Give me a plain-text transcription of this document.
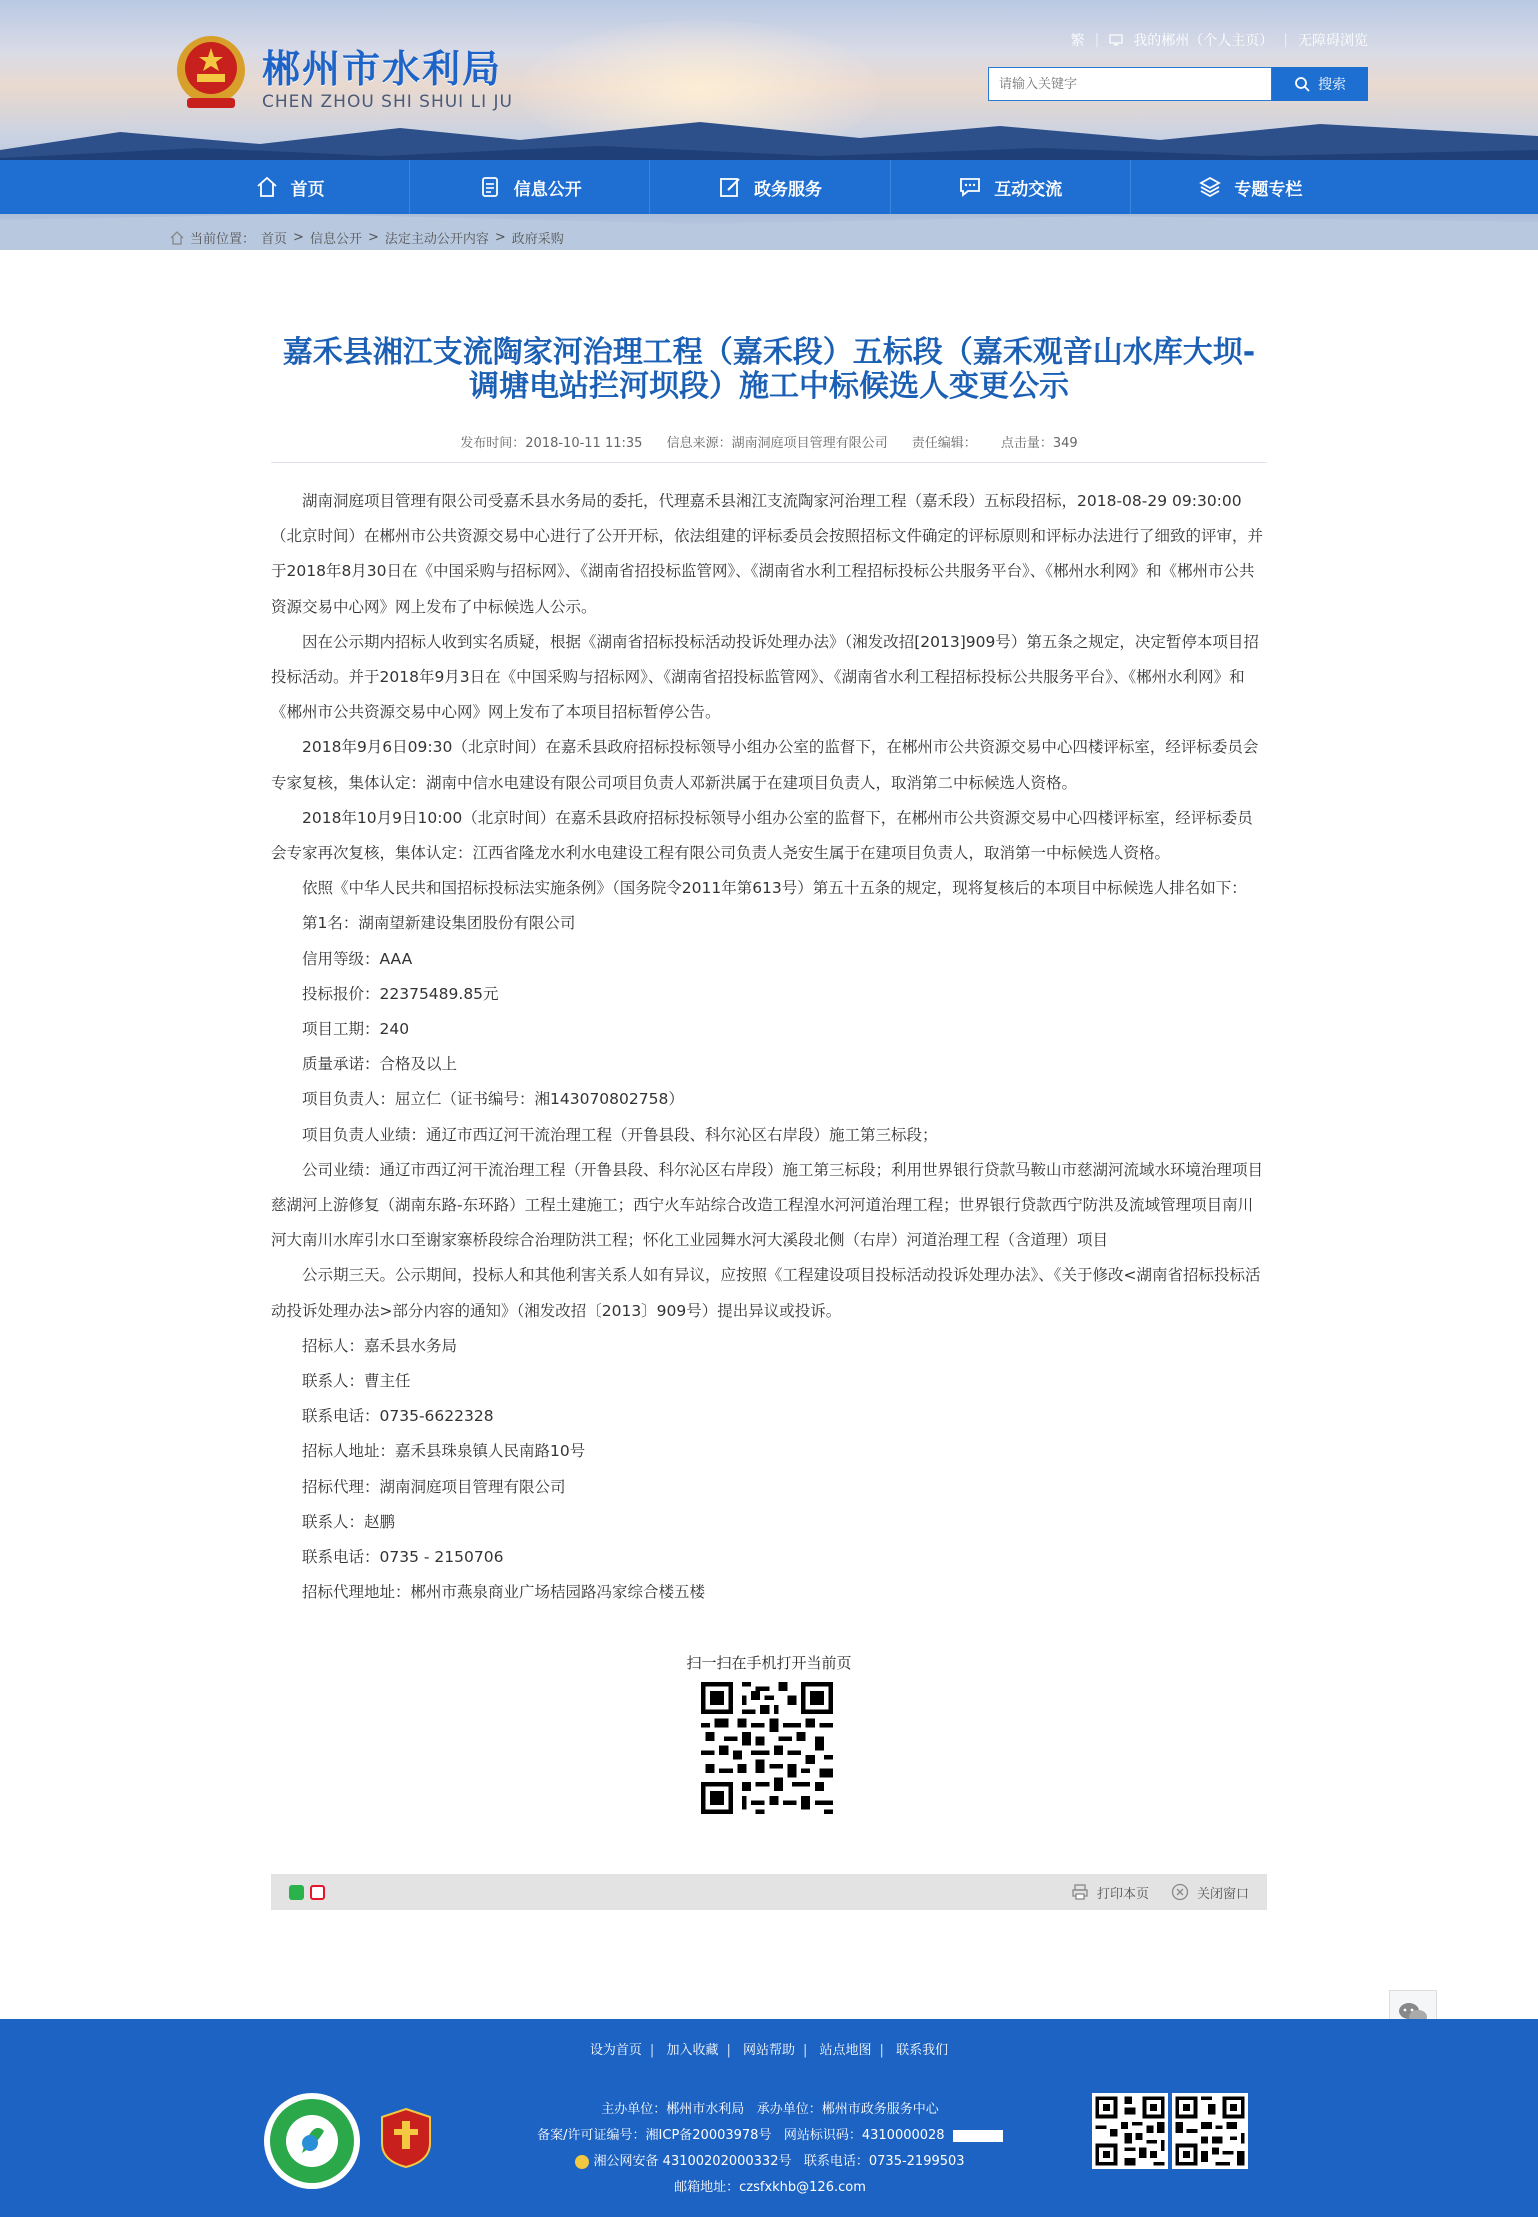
郴州市水利局
CHEN ZHOU SHI SHUI LI JU
繁 | 我的郴州（个人主页） | 无障碍浏览
请输入关键字
搜索
首页	信息公开	政务服务	互动交流	专题专栏
当前位置： 首页 > 信息公开 > 法定主动公开内容 > 政府采购
嘉禾县湘江支流陶家河治理工程（嘉禾段）五标段（嘉禾观音山水库大坝-调塘电站拦河坝段）施工中标候选人变更公示
发布时间：2018-10-11 11:35 信息来源：湖南洞庭项目管理有限公司 责任编辑： 点击量：349

湖南洞庭项目管理有限公司受嘉禾县水务局的委托，代理嘉禾县湘江支流陶家河治理工程（嘉禾段）五标段招标，2018-08-29 09:30:00（北京时间）在郴州市公共资源交易中心进行了公开开标，依法组建的评标委员会按照招标文件确定的评标原则和评标办法进行了细致的评审，并于2018年8月30日在《中国采购与招标网》、《湖南省招投标监管网》、《湖南省水利工程招标投标公共服务平台》、《郴州水利网》和《郴州市公共资源交易中心网》网上发布了中标候选人公示。

因在公示期内招标人收到实名质疑，根据《湖南省招标投标活动投诉处理办法》（湘发改招[2013]909号）第五条之规定，决定暂停本项目招投标活动。并于2018年9月3日在《中国采购与招标网》、《湖南省招投标监管网》、《湖南省水利工程招标投标公共服务平台》、《郴州水利网》和《郴州市公共资源交易中心网》网上发布了本项目招标暂停公告。

2018年9月6日09:30（北京时间）在嘉禾县政府招标投标领导小组办公室的监督下，在郴州市公共资源交易中心四楼评标室，经评标委员会专家复核，集体认定：湖南中信水电建设有限公司项目负责人邓新洪属于在建项目负责人，取消第二中标候选人资格。

2018年10月9日10:00（北京时间）在嘉禾县政府招标投标领导小组办公室的监督下，在郴州市公共资源交易中心四楼评标室，经评标委员会专家再次复核，集体认定：江西省隆龙水利水电建设工程有限公司负责人尧安生属于在建项目负责人，取消第一中标候选人资格。

依照《中华人民共和国招标投标法实施条例》（国务院令2011年第613号）第五十五条的规定，现将复核后的本项目中标候选人排名如下：

第1名：湖南望新建设集团股份有限公司

信用等级：AAA

投标报价：22375489.85元

项目工期：240

质量承诺：合格及以上

项目负责人：屈立仁（证书编号：湘143070802758）

项目负责人业绩：通辽市西辽河干流治理工程（开鲁县段、科尔沁区右岸段）施工第三标段；

公司业绩：通辽市西辽河干流治理工程（开鲁县段、科尔沁区右岸段）施工第三标段；利用世界银行贷款马鞍山市慈湖河流域水环境治理项目慈湖河上游修复（湖南东路-东环路）工程土建施工；西宁火车站综合改造工程湟水河河道治理工程；世界银行贷款西宁防洪及流域管理项目南川河大南川水库引水口至谢家寨桥段综合治理防洪工程；怀化工业园舞水河大溪段北侧（右岸）河道治理工程（含道理）项目

公示期三天。公示期间，投标人和其他利害关系人如有异议，应按照《工程建设项目投标活动投诉处理办法》、《关于修改<湖南省招标投标活动投诉处理办法>部分内容的通知》（湘发改招〔2013〕909号）提出异议或投诉。

招标人：嘉禾县水务局

联系人：曹主任

联系电话：0735-6622328

招标人地址：嘉禾县珠泉镇人民南路10号

招标代理：湖南洞庭项目管理有限公司

联系人：赵鹏

联系电话：0735 - 2150706

招标代理地址：郴州市燕泉商业广场桔园路冯家综合楼五楼

扫一扫在手机打开当前页
打印本页	关闭窗口
设为首页 | 加入收藏 | 网站帮助 | 站点地图 | 联系我们
主办单位：郴州市水利局 承办单位：郴州市政务服务中心
备案/许可证编号：湘ICP备20003978号 网站标识码：4310000028
湘公网安备 43100202000332号 联系电话：0735-2199503
邮箱地址：czsfxkhb@126.com
